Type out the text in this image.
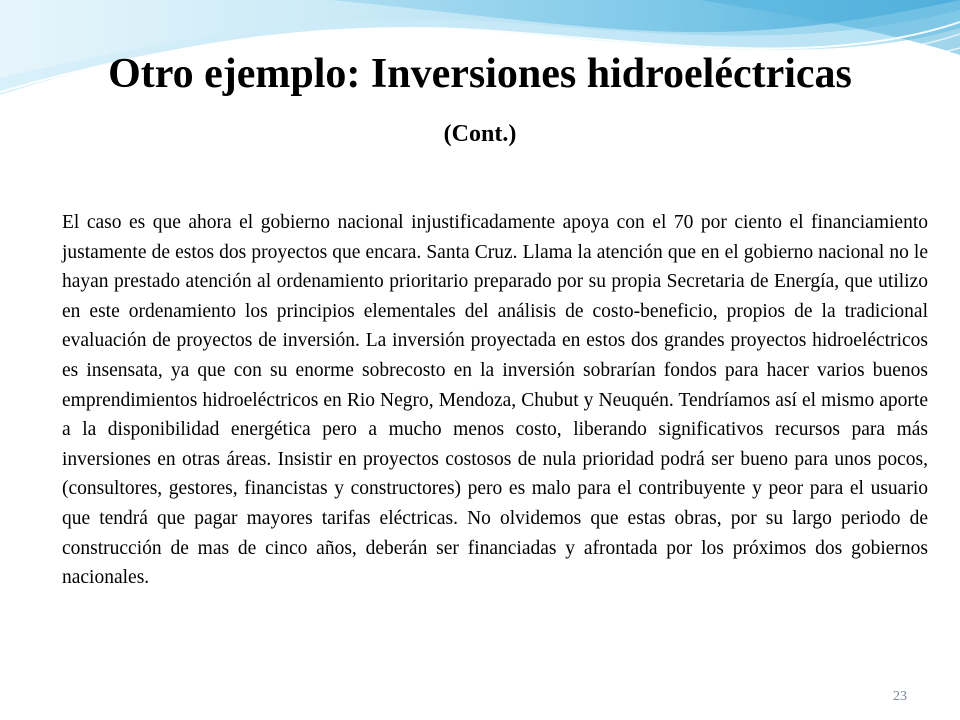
Otro ejemplo: Inversiones hidroeléctricas
(Cont.)

El caso es que ahora el gobierno nacional injustificadamente apoya con el 70 por ciento el financiamiento justamente de estos dos proyectos que encara. Santa Cruz. Llama la atención que en el gobierno nacional no le hayan prestado atención al ordenamiento prioritario preparado por su propia Secretaria de Energía, que utilizo en este ordenamiento los principios elementales del análisis de costo-beneficio, propios de la tradicional evaluación de proyectos de inversión. La inversión proyectada en estos dos grandes proyectos hidroeléctricos es insensata, ya que con su enorme sobrecosto en la inversión sobrarían fondos para hacer varios buenos emprendimientos hidroeléctricos en Rio Negro, Mendoza, Chubut y Neuquén. Tendríamos así el mismo aporte a la disponibilidad energética pero a mucho menos costo, liberando significativos recursos para más inversiones en otras áreas. Insistir en proyectos costosos de nula prioridad podrá ser bueno para unos pocos, (consultores, gestores, financistas y constructores) pero es malo para el contribuyente y peor para el usuario que tendrá que pagar mayores tarifas eléctricas. No olvidemos que estas obras, por su largo periodo de construcción de mas de cinco años, deberán ser financiadas y afrontada por los próximos dos gobiernos nacionales.

23
